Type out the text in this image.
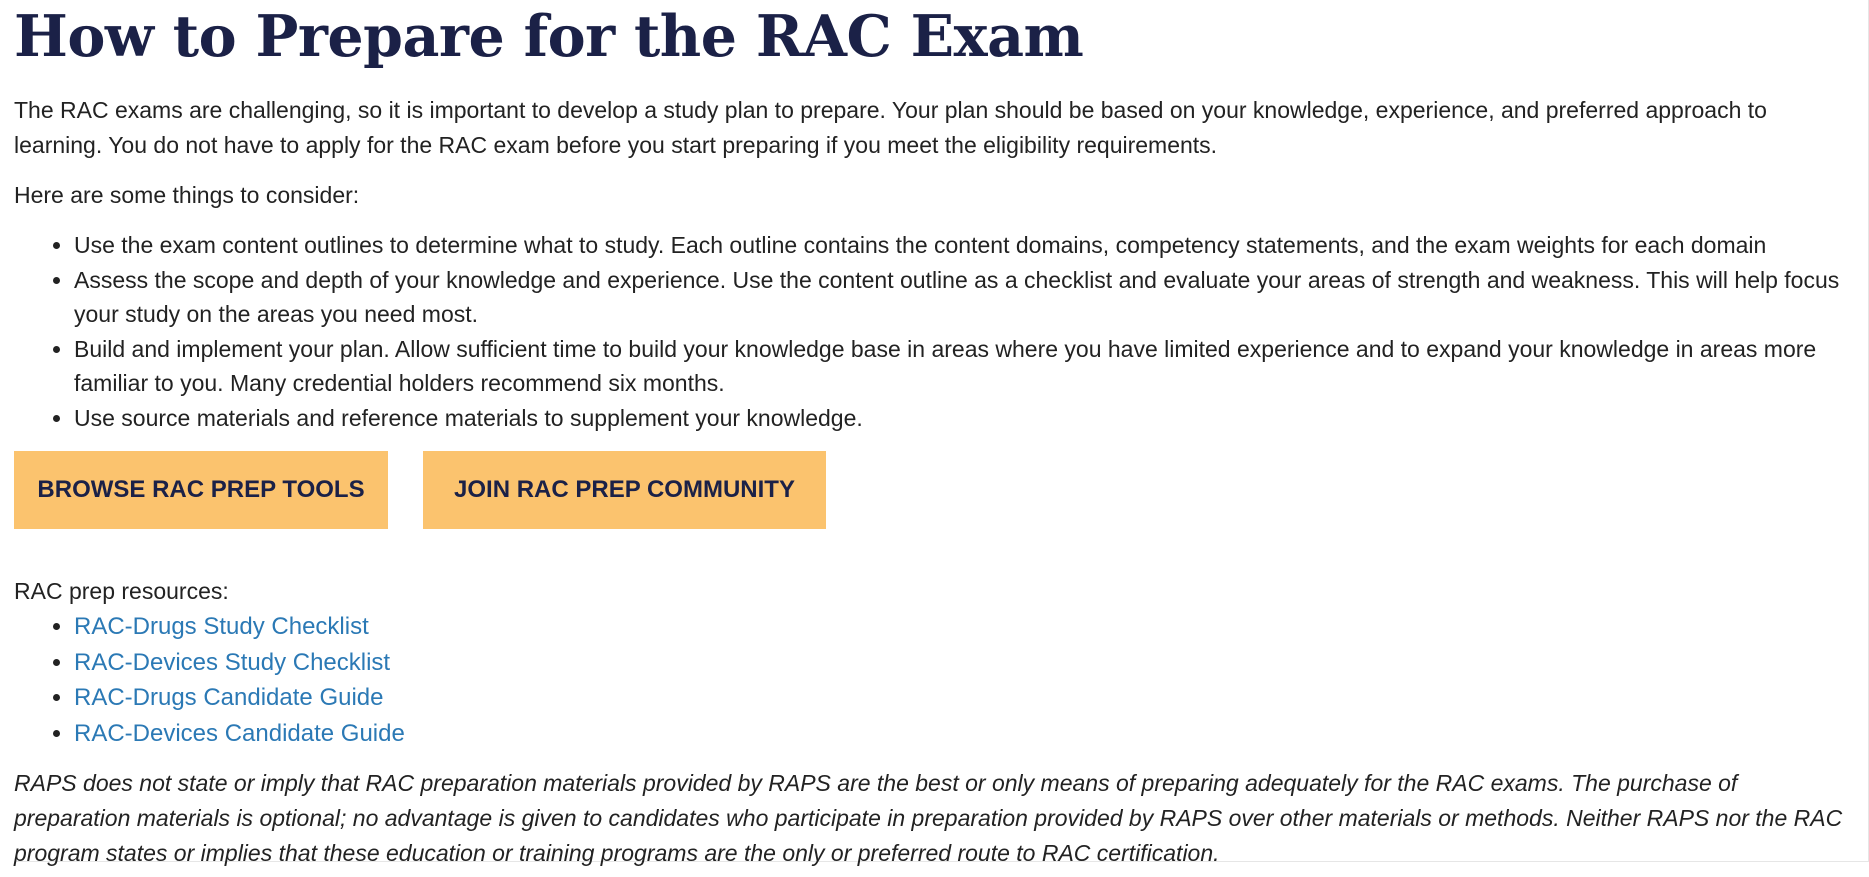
How to Prepare for the RAC Exam

The RAC exams are challenging, so it is important to develop a study plan to prepare. Your plan should be based on your knowledge, experience, and preferred approach to learning. You do not have to apply for the RAC exam before you start preparing if you meet the eligibility requirements.

Here are some things to consider:

• Use the exam content outlines to determine what to study. Each outline contains the content domains, competency statements, and the exam weights for each domain
• Assess the scope and depth of your knowledge and experience. Use the content outline as a checklist and evaluate your areas of strength and weakness. This will help focus your study on the areas you need most.
• Build and implement your plan. Allow sufficient time to build your knowledge base in areas where you have limited experience and to expand your knowledge in areas more familiar to you. Many credential holders recommend six months.
• Use source materials and reference materials to supplement your knowledge.
BROWSE RAC PREP TOOLS	JOIN RAC PREP COMMUNITY

RAC prep resources:

• RAC-Drugs Study Checklist
• RAC-Devices Study Checklist
• RAC-Drugs Candidate Guide
• RAC-Devices Candidate Guide

RAPS does not state or imply that RAC preparation materials provided by RAPS are the best or only means of preparing adequately for the RAC exams. The purchase of preparation materials is optional; no advantage is given to candidates who participate in preparation provided by RAPS over other materials or methods. Neither RAPS nor the RAC program states or implies that these education or training programs are the only or preferred route to RAC certification.
